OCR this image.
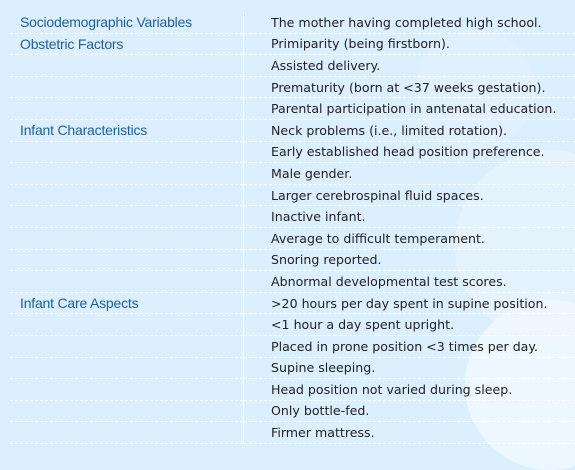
Sociodemographic Variables	The mother having completed high school.
Obstetric Factors	Primiparity (being firstborn).
	Assisted delivery.
	Prematurity (born at <37 weeks gestation).
	Parental participation in antenatal education.
Infant Characteristics	Neck problems (i.e., limited rotation).
	Early established head position preference.
	Male gender.
	Larger cerebrospinal fluid spaces.
	Inactive infant.
	Average to difficult temperament.
	Snoring reported.
	Abnormal developmental test scores.
Infant Care Aspects	>20 hours per day spent in supine position.
	<1 hour a day spent upright.
	Placed in prone position <3 times per day.
	Supine sleeping.
	Head position not varied during sleep.
	Only bottle-fed.
	Firmer mattress.
